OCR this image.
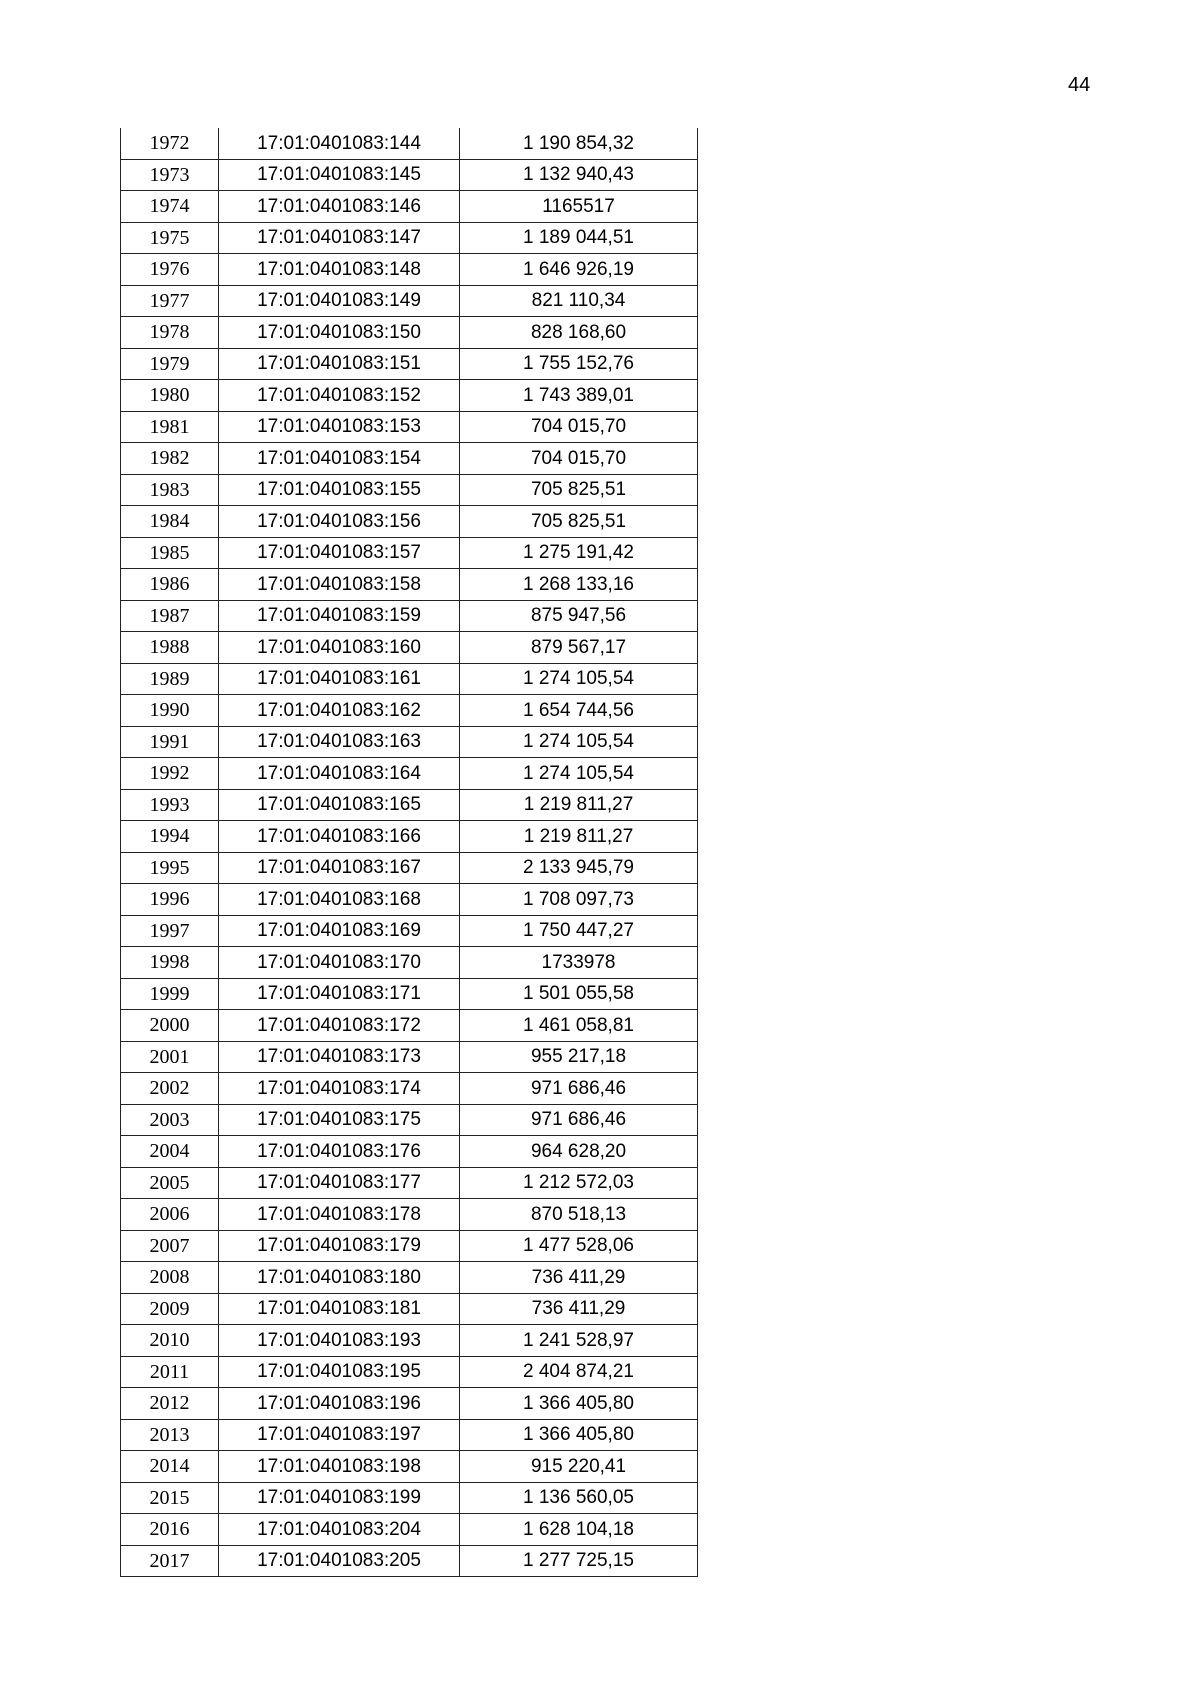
44
1972	17:01:0401083:144	1 190 854,32
1973	17:01:0401083:145	1 132 940,43
1974	17:01:0401083:146	1165517
1975	17:01:0401083:147	1 189 044,51
1976	17:01:0401083:148	1 646 926,19
1977	17:01:0401083:149	821 110,34
1978	17:01:0401083:150	828 168,60
1979	17:01:0401083:151	1 755 152,76
1980	17:01:0401083:152	1 743 389,01
1981	17:01:0401083:153	704 015,70
1982	17:01:0401083:154	704 015,70
1983	17:01:0401083:155	705 825,51
1984	17:01:0401083:156	705 825,51
1985	17:01:0401083:157	1 275 191,42
1986	17:01:0401083:158	1 268 133,16
1987	17:01:0401083:159	875 947,56
1988	17:01:0401083:160	879 567,17
1989	17:01:0401083:161	1 274 105,54
1990	17:01:0401083:162	1 654 744,56
1991	17:01:0401083:163	1 274 105,54
1992	17:01:0401083:164	1 274 105,54
1993	17:01:0401083:165	1 219 811,27
1994	17:01:0401083:166	1 219 811,27
1995	17:01:0401083:167	2 133 945,79
1996	17:01:0401083:168	1 708 097,73
1997	17:01:0401083:169	1 750 447,27
1998	17:01:0401083:170	1733978
1999	17:01:0401083:171	1 501 055,58
2000	17:01:0401083:172	1 461 058,81
2001	17:01:0401083:173	955 217,18
2002	17:01:0401083:174	971 686,46
2003	17:01:0401083:175	971 686,46
2004	17:01:0401083:176	964 628,20
2005	17:01:0401083:177	1 212 572,03
2006	17:01:0401083:178	870 518,13
2007	17:01:0401083:179	1 477 528,06
2008	17:01:0401083:180	736 411,29
2009	17:01:0401083:181	736 411,29
2010	17:01:0401083:193	1 241 528,97
2011	17:01:0401083:195	2 404 874,21
2012	17:01:0401083:196	1 366 405,80
2013	17:01:0401083:197	1 366 405,80
2014	17:01:0401083:198	915 220,41
2015	17:01:0401083:199	1 136 560,05
2016	17:01:0401083:204	1 628 104,18
2017	17:01:0401083:205	1 277 725,15
